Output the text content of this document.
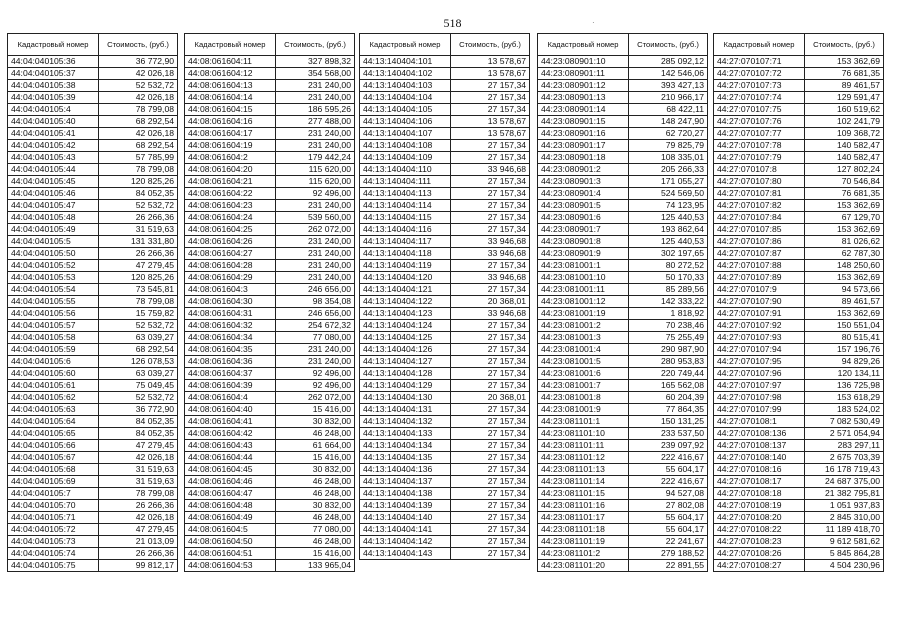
518	·
Кадастровый номер	Стоимость, (руб.)
44:04:040105:36	36 772,90
44:04:040105:37	42 026,18
44:04:040105:38	52 532,72
44:04:040105:39	42 026,18
44:04:040105:4	78 799,08
44:04:040105:40	68 292,54
44:04:040105:41	42 026,18
44:04:040105:42	68 292,54
44:04:040105:43	57 785,99
44:04:040105:44	78 799,08
44:04:040105:45	120 825,26
44:04:040105:46	84 052,35
44:04:040105:47	52 532,72
44:04:040105:48	26 266,36
44:04:040105:49	31 519,63
44:04:040105:5	131 331,80
44:04:040105:50	26 266,36
44:04:040105:52	47 279,45
44:04:040105:53	120 825,26
44:04:040105:54	73 545,81
44:04:040105:55	78 799,08
44:04:040105:56	15 759,82
44:04:040105:57	52 532,72
44:04:040105:58	63 039,27
44:04:040105:59	68 292,54
44:04:040105:6	126 078,53
44:04:040105:60	63 039,27
44:04:040105:61	75 049,45
44:04:040105:62	52 532,72
44:04:040105:63	36 772,90
44:04:040105:64	84 052,35
44:04:040105:65	84 052,35
44:04:040105:66	47 279,45
44:04:040105:67	42 026,18
44:04:040105:68	31 519,63
44:04:040105:69	31 519,63
44:04:040105:7	78 799,08
44:04:040105:70	26 266,36
44:04:040105:71	42 026,18
44:04:040105:72	47 279,45
44:04:040105:73	21 013,09
44:04:040105:74	26 266,36
44:04:040105:75	99 812,17
Кадастровый номер	Стоимость, (руб.)
44:08:061604:11	327 898,32
44:08:061604:12	354 568,00
44:08:061604:13	231 240,00
44:08:061604:14	231 240,00
44:08:061604:15	186 595,26
44:08:061604:16	277 488,00
44:08:061604:17	231 240,00
44:08:061604:19	231 240,00
44:08:061604:2	179 442,24
44:08:061604:20	115 620,00
44:08:061604:21	115 620,00
44:08:061604:22	92 496,00
44:08:061604:23	231 240,00
44:08:061604:24	539 560,00
44:08:061604:25	262 072,00
44:08:061604:26	231 240,00
44:08:061604:27	231 240,00
44:08:061604:28	231 240,00
44:08:061604:29	231 240,00
44:08:061604:3	246 656,00
44:08:061604:30	98 354,08
44:08:061604:31	246 656,00
44:08:061604:32	254 672,32
44:08:061604:34	77 080,00
44:08:061604:35	231 240,00
44:08:061604:36	231 240,00
44:08:061604:37	92 496,00
44:08:061604:39	92 496,00
44:08:061604:4	262 072,00
44:08:061604:40	15 416,00
44:08:061604:41	30 832,00
44:08:061604:42	46 248,00
44:08:061604:43	61 664,00
44:08:061604:44	15 416,00
44:08:061604:45	30 832,00
44:08:061604:46	46 248,00
44:08:061604:47	46 248,00
44:08:061604:48	30 832,00
44:08:061604:49	46 248,00
44:08:061604:5	77 080,00
44:08:061604:50	46 248,00
44:08:061604:51	15 416,00
44:08:061604:53	133 965,04
Кадастровый номер	Стоимость, (руб.)
44:13:140404:101	13 578,67
44:13:140404:102	13 578,67
44:13:140404:103	27 157,34
44:13:140404:104	27 157,34
44:13:140404:105	27 157,34
44:13:140404:106	13 578,67
44:13:140404:107	13 578,67
44:13:140404:108	27 157,34
44:13:140404:109	27 157,34
44:13:140404:110	33 946,68
44:13:140404:111	27 157,34
44:13:140404:113	27 157,34
44:13:140404:114	27 157,34
44:13:140404:115	27 157,34
44:13:140404:116	27 157,34
44:13:140404:117	33 946,68
44:13:140404:118	33 946,68
44:13:140404:119	27 157,34
44:13:140404:120	33 946,68
44:13:140404:121	27 157,34
44:13:140404:122	20 368,01
44:13:140404:123	33 946,68
44:13:140404:124	27 157,34
44:13:140404:125	27 157,34
44:13:140404:126	27 157,34
44:13:140404:127	27 157,34
44:13:140404:128	27 157,34
44:13:140404:129	27 157,34
44:13:140404:130	20 368,01
44:13:140404:131	27 157,34
44:13:140404:132	27 157,34
44:13:140404:133	27 157,34
44:13:140404:134	27 157,34
44:13:140404:135	27 157,34
44:13:140404:136	27 157,34
44:13:140404:137	27 157,34
44:13:140404:138	27 157,34
44:13:140404:139	27 157,34
44:13:140404:140	27 157,34
44:13:140404:141	27 157,34
44:13:140404:142	27 157,34
44:13:140404:143	27 157,34
Кадастровый номер	Стоимость, (руб.)
44:23:080901:10	285 092,12
44:23:080901:11	142 546,06
44:23:080901:12	393 427,13
44:23:080901:13	210 966,17
44:23:080901:14	68 422,11
44:23:080901:15	148 247,90
44:23:080901:16	62 720,27
44:23:080901:17	79 825,79
44:23:080901:18	108 335,01
44:23:080901:2	205 266,33
44:23:080901:3	171 055,27
44:23:080901:4	524 569,50
44:23:080901:5	74 123,95
44:23:080901:6	125 440,53
44:23:080901:7	193 862,64
44:23:080901:8	125 440,53
44:23:080901:9	302 197,65
44:23:081001:1	80 272,52
44:23:081001:10	50 170,33
44:23:081001:11	85 289,56
44:23:081001:12	142 333,22
44:23:081001:19	1 818,92
44:23:081001:2	70 238,46
44:23:081001:3	75 255,49
44:23:081001:4	290 987,90
44:23:081001:5	280 953,83
44:23:081001:6	220 749,44
44:23:081001:7	165 562,08
44:23:081001:8	60 204,39
44:23:081001:9	77 864,35
44:23:081101:1	150 131,25
44:23:081101:10	233 537,50
44:23:081101:11	239 097,92
44:23:081101:12	222 416,67
44:23:081101:13	55 604,17
44:23:081101:14	222 416,67
44:23:081101:15	94 527,08
44:23:081101:16	27 802,08
44:23:081101:17	55 604,17
44:23:081101:18	55 604,17
44:23:081101:19	22 241,67
44:23:081101:2	279 188,52
44:23:081101:20	22 891,55
Кадастровый номер	Стоимость, (руб.)
44:27:070107:71	153 362,69
44:27:070107:72	76 681,35
44:27:070107:73	89 461,57
44:27:070107:74	129 591,47
44:27:070107:75	160 519,62
44:27:070107:76	102 241,79
44:27:070107:77	109 368,72
44:27:070107:78	140 582,47
44:27:070107:79	140 582,47
44:27:070107:8	127 802,24
44:27:070107:80	70 546,84
44:27:070107:81	76 681,35
44:27:070107:82	153 362,69
44:27:070107:84	67 129,70
44:27:070107:85	153 362,69
44:27:070107:86	81 026,62
44:27:070107:87	62 787,30
44:27:070107:88	148 250,60
44:27:070107:89	153 362,69
44:27:070107:9	94 573,66
44:27:070107:90	89 461,57
44:27:070107:91	153 362,69
44:27:070107:92	150 551,04
44:27:070107:93	80 515,41
44:27:070107:94	157 196,76
44:27:070107:95	94 829,26
44:27:070107:96	120 134,11
44:27:070107:97	136 725,98
44:27:070107:98	153 618,29
44:27:070107:99	183 524,02
44:27:070108:1	7 082 530,49
44:27:070108:136	2 571 054,94
44:27:070108:137	283 297,11
44:27:070108:140	2 675 703,39
44:27:070108:16	16 178 719,43
44:27:070108:17	24 687 375,00
44:27:070108:18	21 382 795,81
44:27:070108:19	1 051 937,83
44:27:070108:20	2 845 310,00
44:27:070108:22	11 189 418,70
44:27:070108:23	9 612 581,62
44:27:070108:26	5 845 864,28
44:27:070108:27	4 504 230,96
